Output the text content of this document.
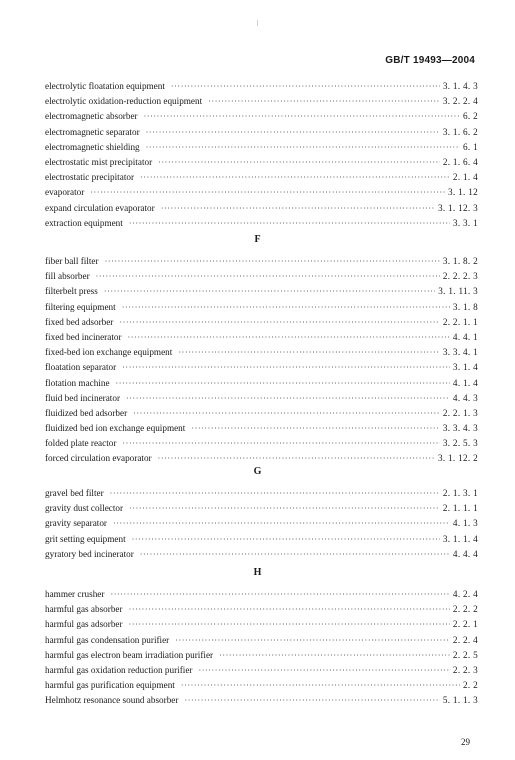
GB/T 19493—2004
electrolytic floatation equipment ·····	3. 1. 4. 3
electrolytic oxidation-reduction equipment ·····	3. 2. 2. 4
electromagnetic absorber ·····	6. 2
electromagnetic separator ·····	3. 1. 6. 2
electromagnetic shielding ·····	6. 1
electrostatic mist precipitator ·····	2. 1. 6. 4
electrostatic precipitator ·····	2. 1. 4
evaporator ·····	3. 1. 12
expand circulation evaporator ·····	3. 1. 12. 3
extraction equipment ·····	3. 3. 1
F
fiber ball filter ·····	3. 1. 8. 2
fill absorber ·····	2. 2. 2. 3
filterbelt press ·····	3. 1. 11. 3
filtering equipment ·····	3. 1. 8
fixed bed adsorber ·····	2. 2. 1. 1
fixed bed incinerator ·····	4. 4. 1
fixed-bed ion exchange equipment ·····	3. 3. 4. 1
floatation separator ·····	3. 1. 4
flotation machine ·····	4. 1. 4
fluid bed incinerator ·····	4. 4. 3
fluidized bed adsorber ·····	2. 2. 1. 3
fluidized bed ion exchange equipment ·····	3. 3. 4. 3
folded plate reactor ·····	3. 2. 5. 3
forced circulation evaporator ·····	3. 1. 12. 2
G
gravel bed filter ·····	2. 1. 3. 1
gravity dust collector ·····	2. 1. 1. 1
gravity separator ·····	4. 1. 3
grit setting equipment ·····	3. 1. 1. 4
gyratory bed incinerator ·····	4. 4. 4
H
hammer crusher ·····	4. 2. 4
harmful gas absorber ·····	2. 2. 2
harmful gas adsorber ·····	2. 2. 1
harmful gas condensation purifier ·····	2. 2. 4
harmful gas electron beam irradiation purifier ·····	2. 2. 5
harmful gas oxidation reduction purifier ·····	2. 2. 3
harmful gas purification equipment ·····	2. 2
Helmhotz resonance sound absorber ·····	5. 1. 1. 3
29
